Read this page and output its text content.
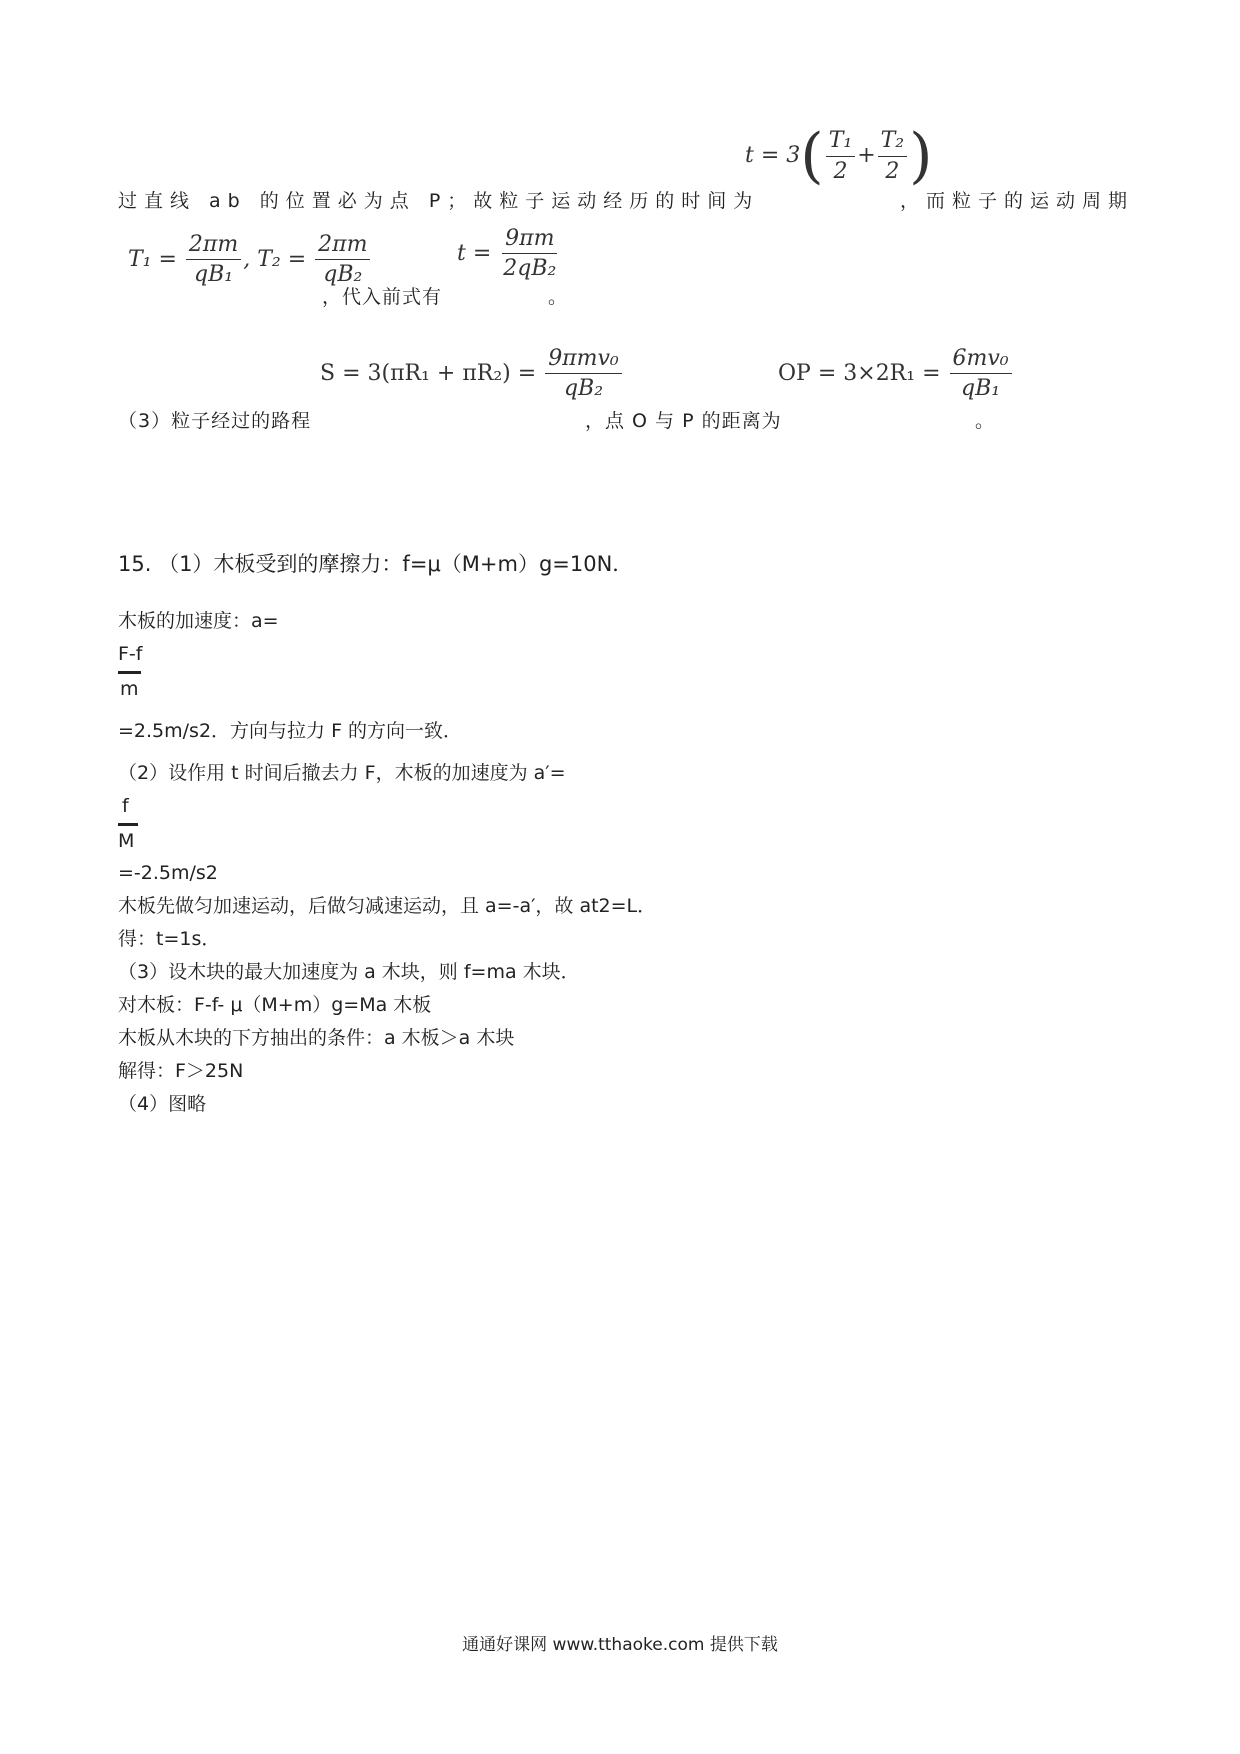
过直线 ab 的位置必为点 P；故粒子运动经历的时间为
$t = 3( \frac{\text{T₁}}{2} + \frac{\text{T₂}}{2}$ )
，而粒子的运动周期
$T_1 = \frac{2\pi m}{\text{qB₁}}$ , $T_2 = \frac{2\pi m}{\text{qB₂}}$
，代入前式有
$t = \frac{9\pi m}{\text{2qB₂}}$
。
（3）粒子经过的路程
$S = 3(\pi R_1 + \pi R_2) = \frac{\text{9πmv₀}}{\text{qB₂}}$
，点 O 与 P 的距离为
OP = $3\times 2R_1 = \frac{\text{6mv₀}}{\text{qB₁}}$
。
15. （1）木板受到的摩擦力：f=μ（M+m）g=10N．
木板的加速度：a=
F-f
m
=2.5m/s2．方向与拉力 F 的方向一致．
（2）设作用 t 时间后撤去力 F，木板的加速度为 a′=
f
M
=-2.5m/s2
木板先做匀加速运动，后做匀减速运动，且 a=-a′，故 at2=L．
得：t=1s．
（3）设木块的最大加速度为 a 木块，则 f=ma 木块．
对木板：F-f- μ（M+m）g=Ma 木板
木板从木块的下方抽出的条件：a 木板＞a 木块
解得：F＞25N
（4）图略
通通好课网 www.tthaoke.com 提供下载
